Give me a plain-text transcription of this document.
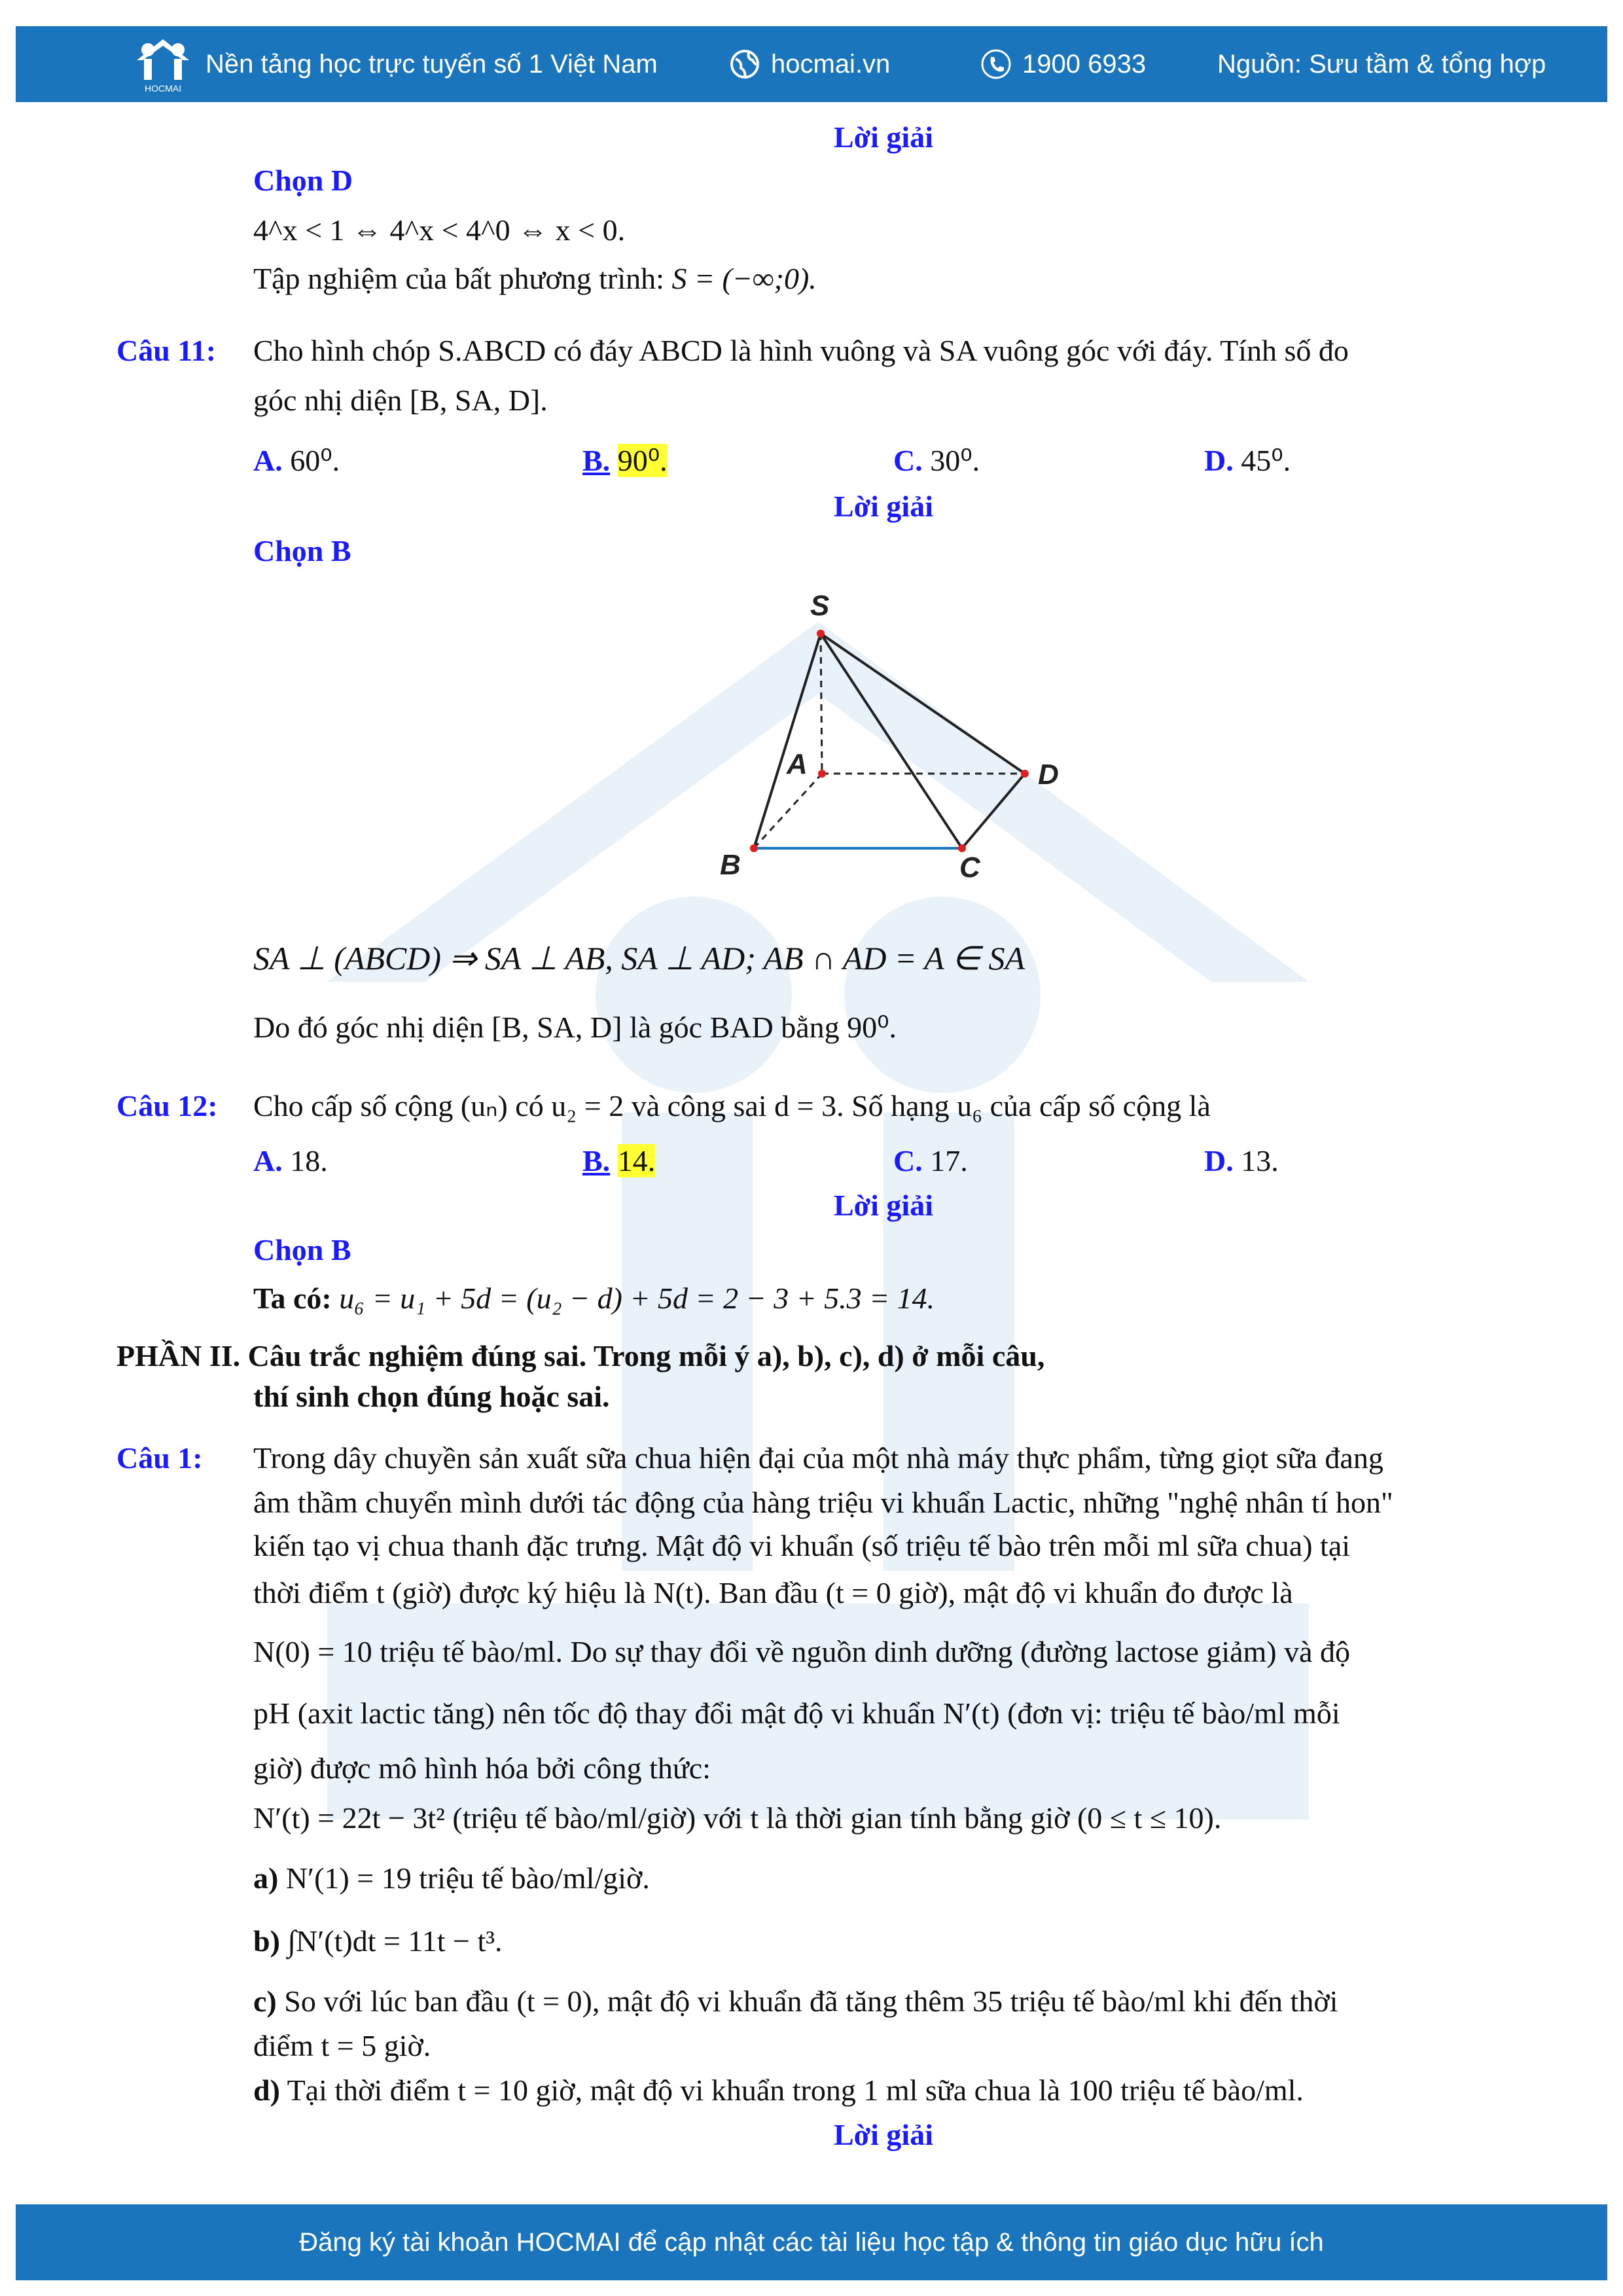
HOCMAI
Nền tảng học trực tuyến số 1 Việt Nam	hocmai.vn	1900 6933	Nguồn: Sưu tầm & tổng hợp
Lời giải
Chọn D
4^x < 1 ⇔ 4^x < 4^0 ⇔ x < 0.
Tập nghiệm của bất phương trình: S = (−∞;0).
Câu 11: Cho hình chóp S.ABCD có đáy ABCD là hình vuông và SA vuông góc với đáy. Tính số đo
góc nhị diện [B, SA, D].
A. 60⁰.	B. 90⁰.	C. 30⁰.	D. 45⁰.
Lời giải
Chọn B
S
A	D
B	C
SA ⊥ (ABCD) ⇒ SA ⊥ AB, SA ⊥ AD; AB ∩ AD = A ∈ SA
Do đó góc nhị diện [B, SA, D] là góc BAD bằng 90⁰.
Câu 12: Cho cấp số cộng (uₙ) có u₂ = 2 và công sai d = 3. Số hạng u₆ của cấp số cộng là
A. 18.	B. 14.	C. 17.	D. 13.
Lời giải
Chọn B
Ta có: u₆ = u₁ + 5d = (u₂ − d) + 5d = 2 − 3 + 5.3 = 14.
PHẦN II. Câu trắc nghiệm đúng sai. Trong mỗi ý a), b), c), d) ở mỗi câu,
thí sinh chọn đúng hoặc sai.
Câu 1: Trong dây chuyền sản xuất sữa chua hiện đại của một nhà máy thực phẩm, từng giọt sữa đang
âm thầm chuyển mình dưới tác động của hàng triệu vi khuẩn Lactic, những "nghệ nhân tí hon"
kiến tạo vị chua thanh đặc trưng. Mật độ vi khuẩn (số triệu tế bào trên mỗi ml sữa chua) tại
thời điểm t (giờ) được ký hiệu là N(t). Ban đầu (t = 0 giờ), mật độ vi khuẩn đo được là
N(0) = 10 triệu tế bào/ml. Do sự thay đổi về nguồn dinh dưỡng (đường lactose giảm) và độ
pH (axit lactic tăng) nên tốc độ thay đổi mật độ vi khuẩn N′(t) (đơn vị: triệu tế bào/ml mỗi
giờ) được mô hình hóa bởi công thức:
N′(t) = 22t − 3t² (triệu tế bào/ml/giờ) với t là thời gian tính bằng giờ (0 ≤ t ≤ 10).
a) N′(1) = 19 triệu tế bào/ml/giờ.
b) ∫N′(t)dt = 11t − t³.
c) So với lúc ban đầu (t = 0), mật độ vi khuẩn đã tăng thêm 35 triệu tế bào/ml khi đến thời
điểm t = 5 giờ.
d) Tại thời điểm t = 10 giờ, mật độ vi khuẩn trong 1 ml sữa chua là 100 triệu tế bào/ml.
Lời giải
Đăng ký tài khoản HOCMAI để cập nhật các tài liệu học tập & thông tin giáo dục hữu ích
